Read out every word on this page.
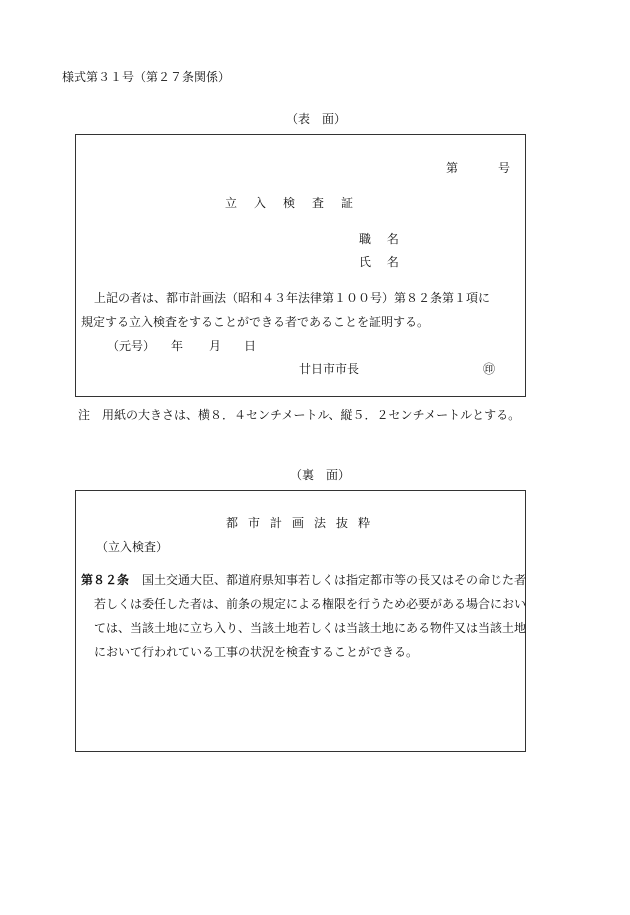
様式第３１号（第２７条関係）
（表　面）
第	号
立入検査証
職 名
氏 名
上記の者は、都市計画法（昭和４３年法律第１００号）第８２条第１項に
規定する立入検査をすることができる者であることを証明する。
（元号） 年 月 日
廿日市市長	㊞
注　用紙の大きさは、横８．４センチメートル、縦５．２センチメートルとする。
（裏　面）
都市計画法抜粋
（立入検査）
第８２条 国土交通大臣、都道府県知事若しくは指定都市等の長又はその命じた者
若しくは委任した者は、前条の規定による権限を行うため必要がある場合におい
ては、当該土地に立ち入り、当該土地若しくは当該土地にある物件又は当該土地
において行われている工事の状況を検査することができる。
